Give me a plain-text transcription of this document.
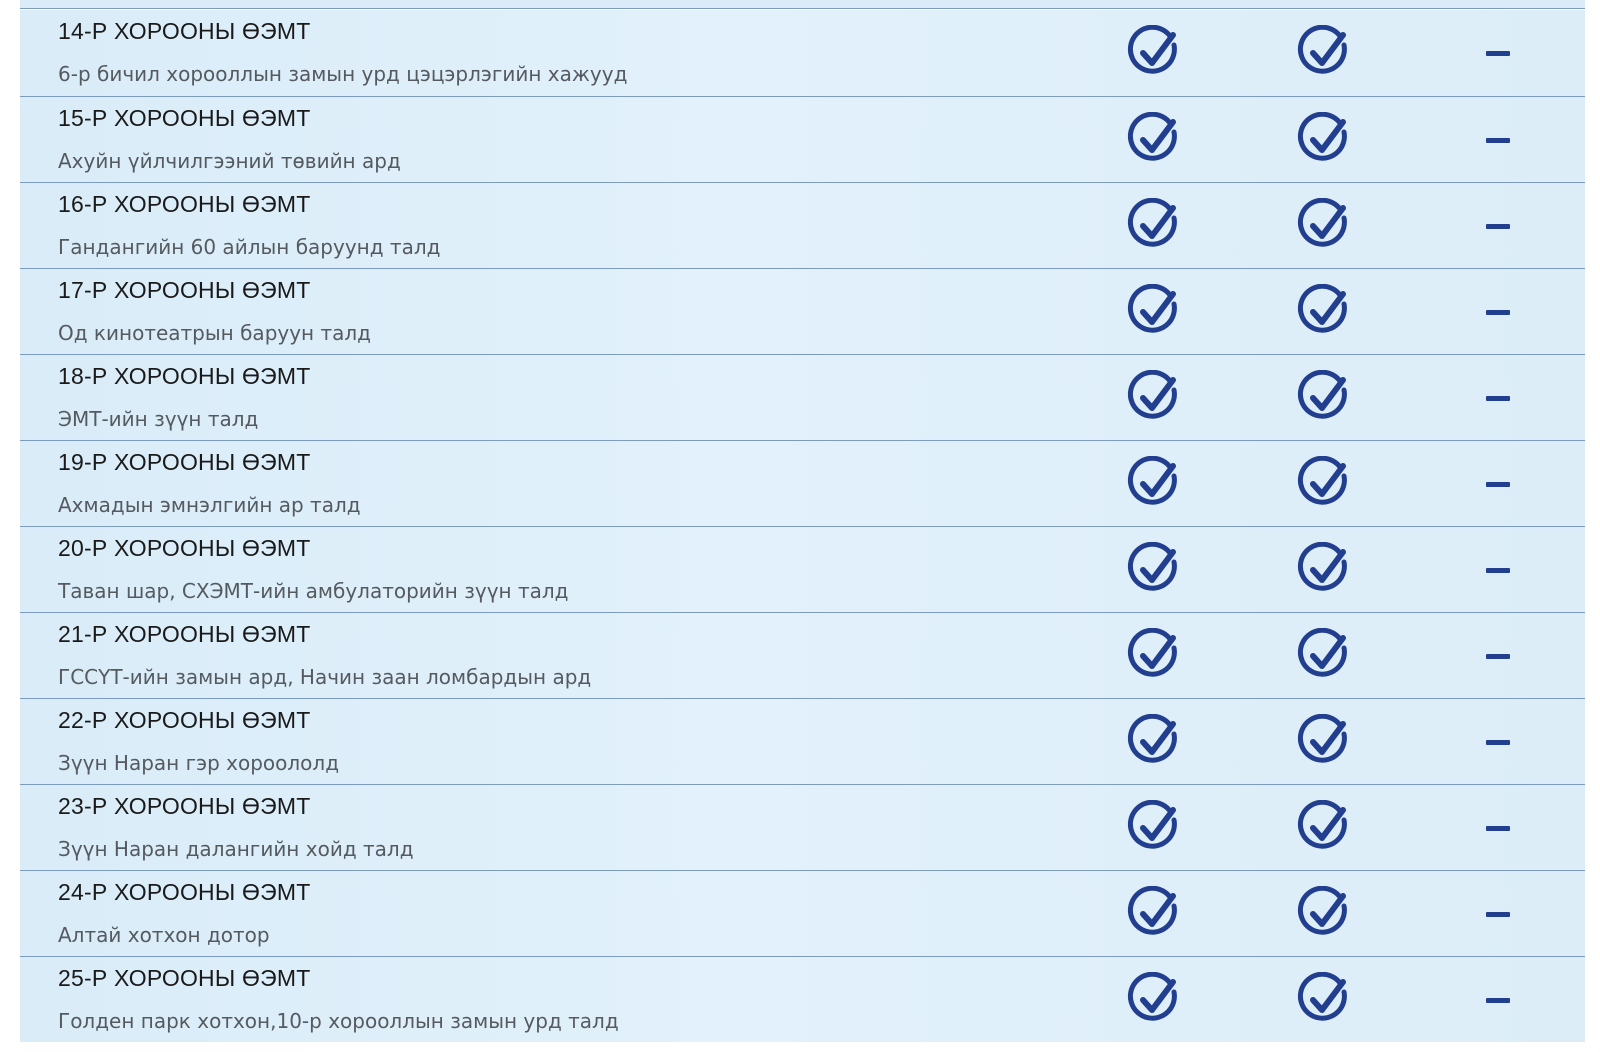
14-Р ХОРООНЫ ӨЭМТ
6-р бичил хорооллын замын урд цэцэрлэгийн хажууд
15-Р ХОРООНЫ ӨЭМТ
Ахуйн үйлчилгээний төвийн ард
16-Р ХОРООНЫ ӨЭМТ
Гандангийн 60 айлын баруунд талд
17-Р ХОРООНЫ ӨЭМТ
Од кинотеатрын баруун талд
18-Р ХОРООНЫ ӨЭМТ
ЭМТ-ийн зүүн талд
19-Р ХОРООНЫ ӨЭМТ
Ахмадын эмнэлгийн ар талд
20-Р ХОРООНЫ ӨЭМТ
Таван шар, СХЭМТ-ийн амбулаторийн зүүн талд
21-Р ХОРООНЫ ӨЭМТ
ГССҮТ-ийн замын ард, Начин заан ломбардын ард
22-Р ХОРООНЫ ӨЭМТ
Зүүн Наран гэр хороололд
23-Р ХОРООНЫ ӨЭМТ
Зүүн Наран далангийн хойд талд
24-Р ХОРООНЫ ӨЭМТ
Алтай хотхон дотор
25-Р ХОРООНЫ ӨЭМТ
Голден парк хотхон,10-р хорооллын замын урд талд
